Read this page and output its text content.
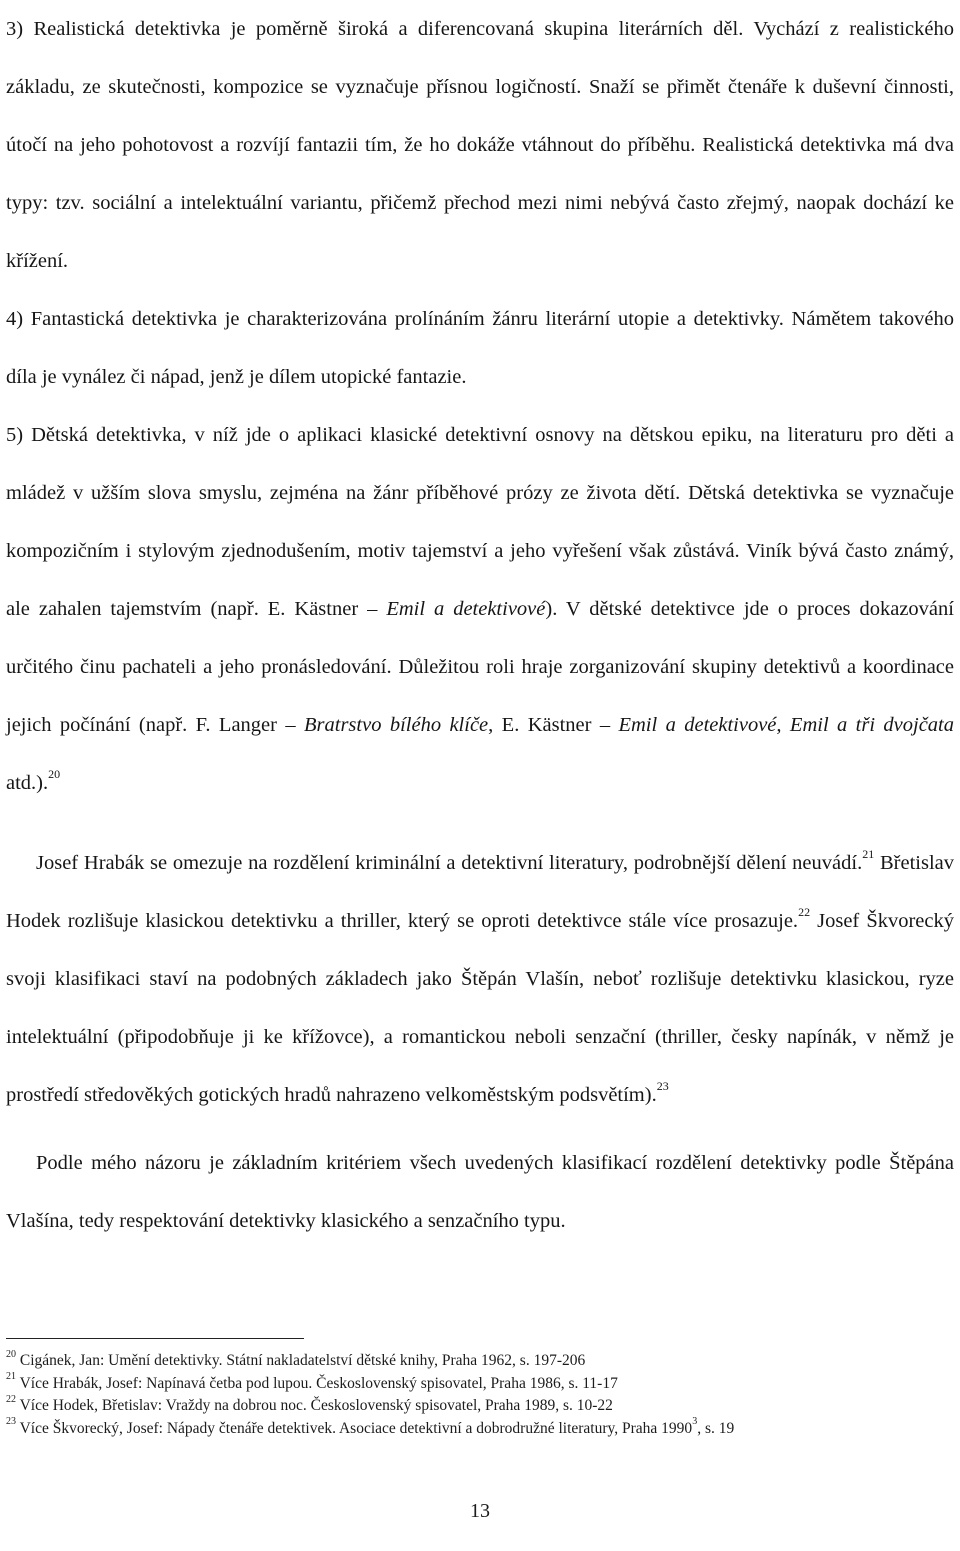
3) Realistická detektivka je poměrně široká a diferencovaná skupina literárních děl. Vychází z realistického základu, ze skutečnosti, kompozice se vyznačuje přísnou logičností. Snaží se přimět čtenáře k duševní činnosti, útočí na jeho pohotovost a rozvíjí fantazii tím, že ho dokáže vtáhnout do příběhu. Realistická detektivka má dva typy: tzv. sociální a intelektuální variantu, přičemž přechod mezi nimi nebývá často zřejmý, naopak dochází ke křížení.

4) Fantastická detektivka je charakterizována prolínáním žánru literární utopie a detektivky. Námětem takového díla je vynález či nápad, jenž je dílem utopické fantazie.

5) Dětská detektivka, v níž jde o aplikaci klasické detektivní osnovy na dětskou epiku, na literaturu pro děti a mládež v užším slova smyslu, zejména na žánr příběhové prózy ze života dětí. Dětská detektivka se vyznačuje kompozičním i stylovým zjednodušením, motiv tajemství a jeho vyřešení však zůstává. Viník bývá často známý, ale zahalen tajemstvím (např. E. Kästner – Emil a detektivové). V dětské detektivce jde o proces dokazování určitého činu pachateli a jeho pronásledování. Důležitou roli hraje zorganizování skupiny detektivů a koordinace jejich počínání (např. F. Langer – Bratrstvo bílého klíče, E. Kästner – Emil a detektivové, Emil a tři dvojčata atd.).$^{20}$

Josef Hrabák se omezuje na rozdělení kriminální a detektivní literatury, podrobnější dělení neuvádí.$^{21}$ Břetislav Hodek rozlišuje klasickou detektivku a thriller, který se oproti detektivce stále více prosazuje.$^{22}$ Josef Škvorecký svoji klasifikaci staví na podobných základech jako Štěpán Vlašín, neboť rozlišuje detektivku klasickou, ryze intelektuální (připodobňuje ji ke křížovce), a romantickou neboli senzační (thriller, česky napínák, v němž je prostředí středověkých gotických hradů nahrazeno velkoměstským podsvětím).$^{23}$

Podle mého názoru je základním kritériem všech uvedených klasifikací rozdělení detektivky podle Štěpána Vlašína, tedy respektování detektivky klasického a senzačního typu.

$^{20}$ Cigánek, Jan: Umění detektivky. Státní nakladatelství dětské knihy, Praha 1962, s. 197-206

$^{21}$ Více Hrabák, Josef: Napínavá četba pod lupou. Československý spisovatel, Praha 1986, s. 11-17

$^{22}$ Více Hodek, Břetislav: Vraždy na dobrou noc. Československý spisovatel, Praha 1989, s. 10-22

$^{23}$ Více Škvorecký, Josef: Nápady čtenáře detektivek. Asociace detektivní a dobrodružné literatury, Praha 1990$^3$, s. 19

13
